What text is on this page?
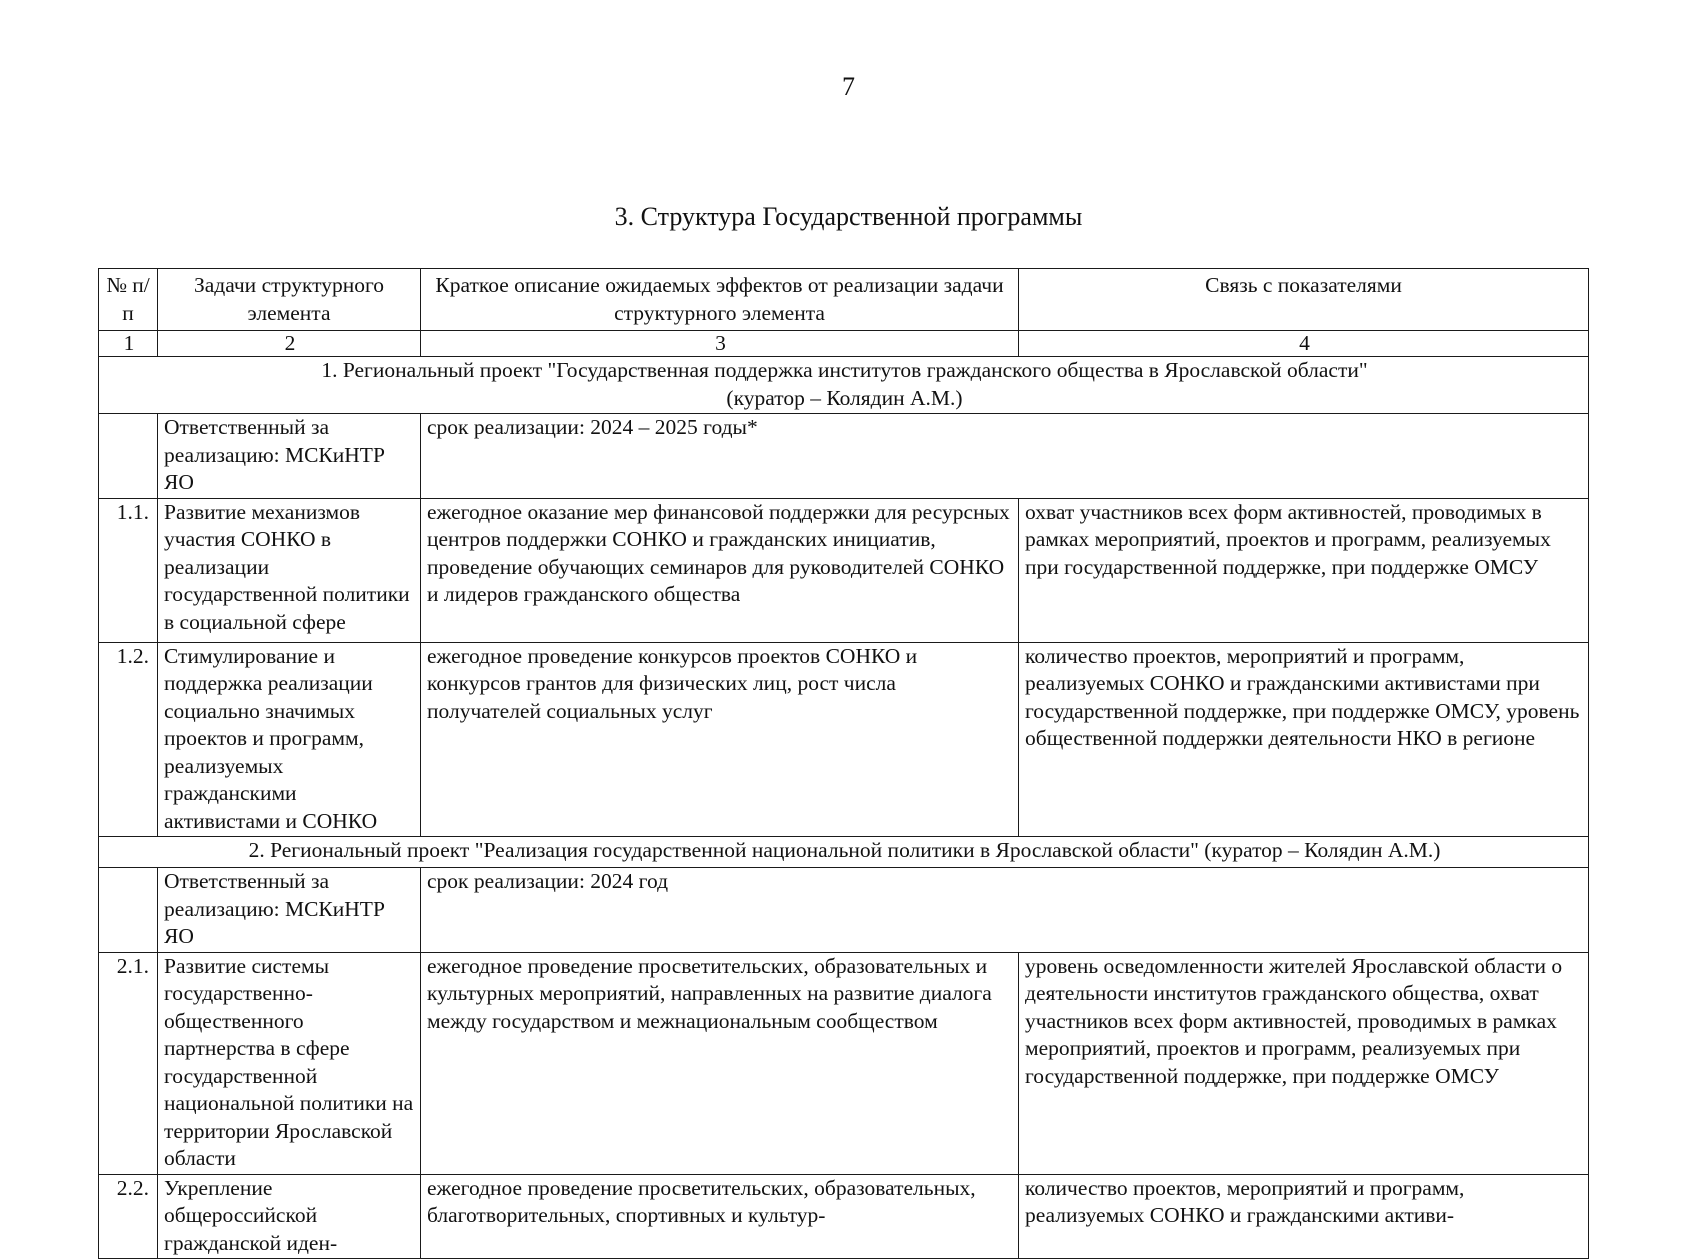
7
3. Структура Государственной программы
№ п/п	Задачи структурного элемента	Краткое описание ожидаемых эффектов от реализации задачи структурного элемента	Связь с показателями
1	2	3	4

1. Региональный проект "Государственная поддержка институтов гражданского общества в Ярославской области"
(куратор – Колядин А.М.)			

	Ответственный за реализацию: МСКиНТР ЯО	срок реализации: 2024 – 2025 годы*	
1.1.	Развитие механизмов участия СОНКО в реализации государственной политики в социальной сфере	ежегодное оказание мер финансовой поддержки для ресурсных центров поддержки СОНКО и гражданских инициатив, проведение обучающих семинаров для руководителей СОНКО и лидеров гражданского общества	охват участников всех форм активностей, проводимых в рамках мероприятий, проектов и программ, реализуемых при государственной поддержке, при поддержке ОМСУ
1.2.	Стимулирование и поддержка реализации социально значимых проектов и программ, реализуемых гражданскими активистами и СОНКО	ежегодное проведение конкурсов проектов СОНКО и конкурсов грантов для физических лиц, рост числа получателей социальных услуг	количество проектов, мероприятий и программ, реализуемых СОНКО и гражданскими активистами при государственной поддержке, при поддержке ОМСУ, уровень общественной поддержки деятельности НКО в регионе
2. Региональный проект "Реализация государственной национальной политики в Ярославской области" (куратор – Колядин А.М.)			
	Ответственный за реализацию: МСКиНТР ЯО	срок реализации: 2024 год	
2.1.	Развитие системы государственно-общественного партнерства в сфере государственной национальной политики на территории Ярославской области	ежегодное проведение просветительских, образовательных и культурных мероприятий, направленных на развитие диалога между государством и межнациональным сообществом	уровень осведомленности жителей Ярославской области о деятельности институтов гражданского общества, охват участников всех форм активностей, проводимых в рамках мероприятий, проектов и программ, реализуемых при государственной поддержке, при поддержке ОМСУ
2.2.	Укрепление общероссийской гражданской иден-	ежегодное проведение просветительских, образовательных, благотворительных, спортивных и культур-	количество проектов, мероприятий и программ, реализуемых СОНКО и гражданскими активи-
